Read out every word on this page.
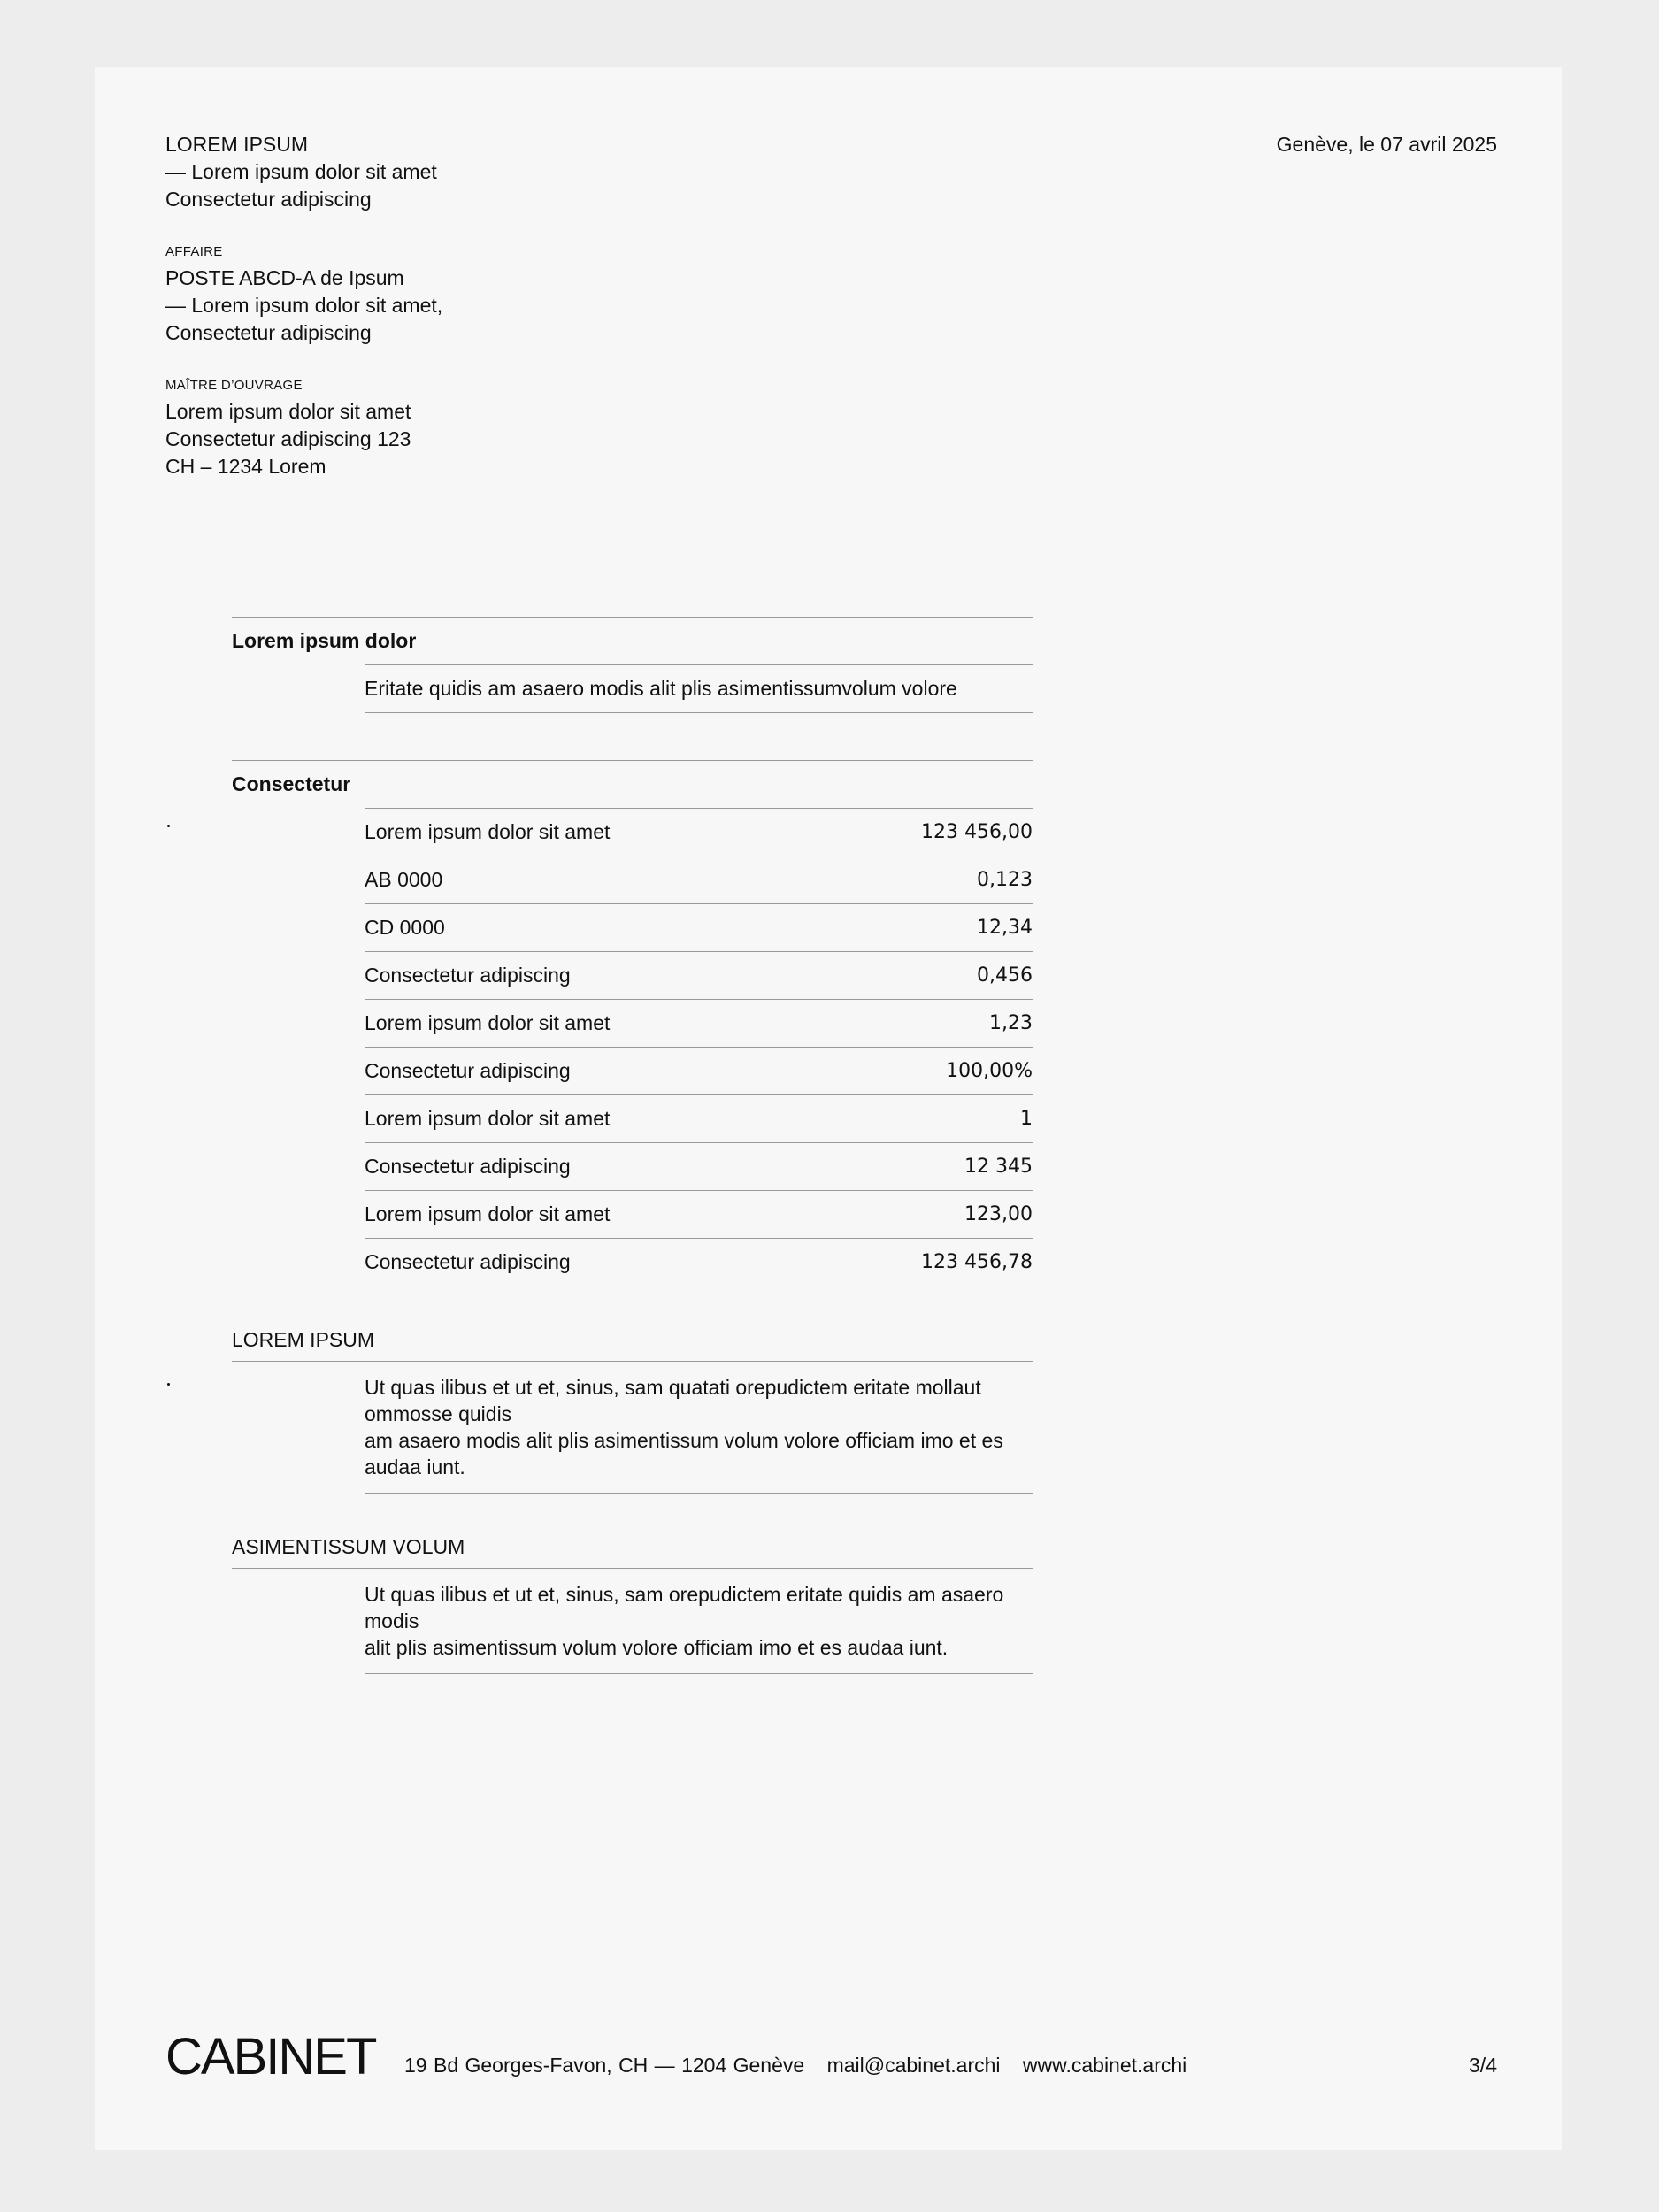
LOREM IPSUM
— Lorem ipsum dolor sit amet
Consectetur adipiscing
AFFAIRE
POSTE ABCD-A de Ipsum
— Lorem ipsum dolor sit amet,
Consectetur adipiscing
MAÎTRE D’OUVRAGE
Lorem ipsum dolor sit amet
Consectetur adipiscing 123
CH – 1234 Lorem
Genève, le 07 avril 2025
Lorem ipsum dolor
Eritate quidis am asaero modis alit plis asimentissumvolum volore
Consectetur
Lorem ipsum dolor sit amet	123 456,00
AB 0000	0,123
CD 0000	12,34
Consectetur adipiscing	0,456
Lorem ipsum dolor sit amet	1,23
Consectetur adipiscing	100,00%
Lorem ipsum dolor sit amet	1
Consectetur adipiscing	12 345
Lorem ipsum dolor sit amet	123,00
Consectetur adipiscing	123 456,78
LOREM IPSUM
Ut quas ilibus et ut et, sinus, sam quatati orepudictem eritate mollaut ommosse quidis
am asaero modis alit plis asimentissum volum volore officiam imo et es audaa iunt.
ASIMENTISSUM VOLUM
Ut quas ilibus et ut et, sinus, sam orepudictem eritate quidis am asaero modis
alit plis asimentissum volum volore officiam imo et es audaa iunt.
CABINET 19 Bd Georges-Favon, CH — 1204 Genève mail@cabinet.archi www.cabinet.archi	3/4
